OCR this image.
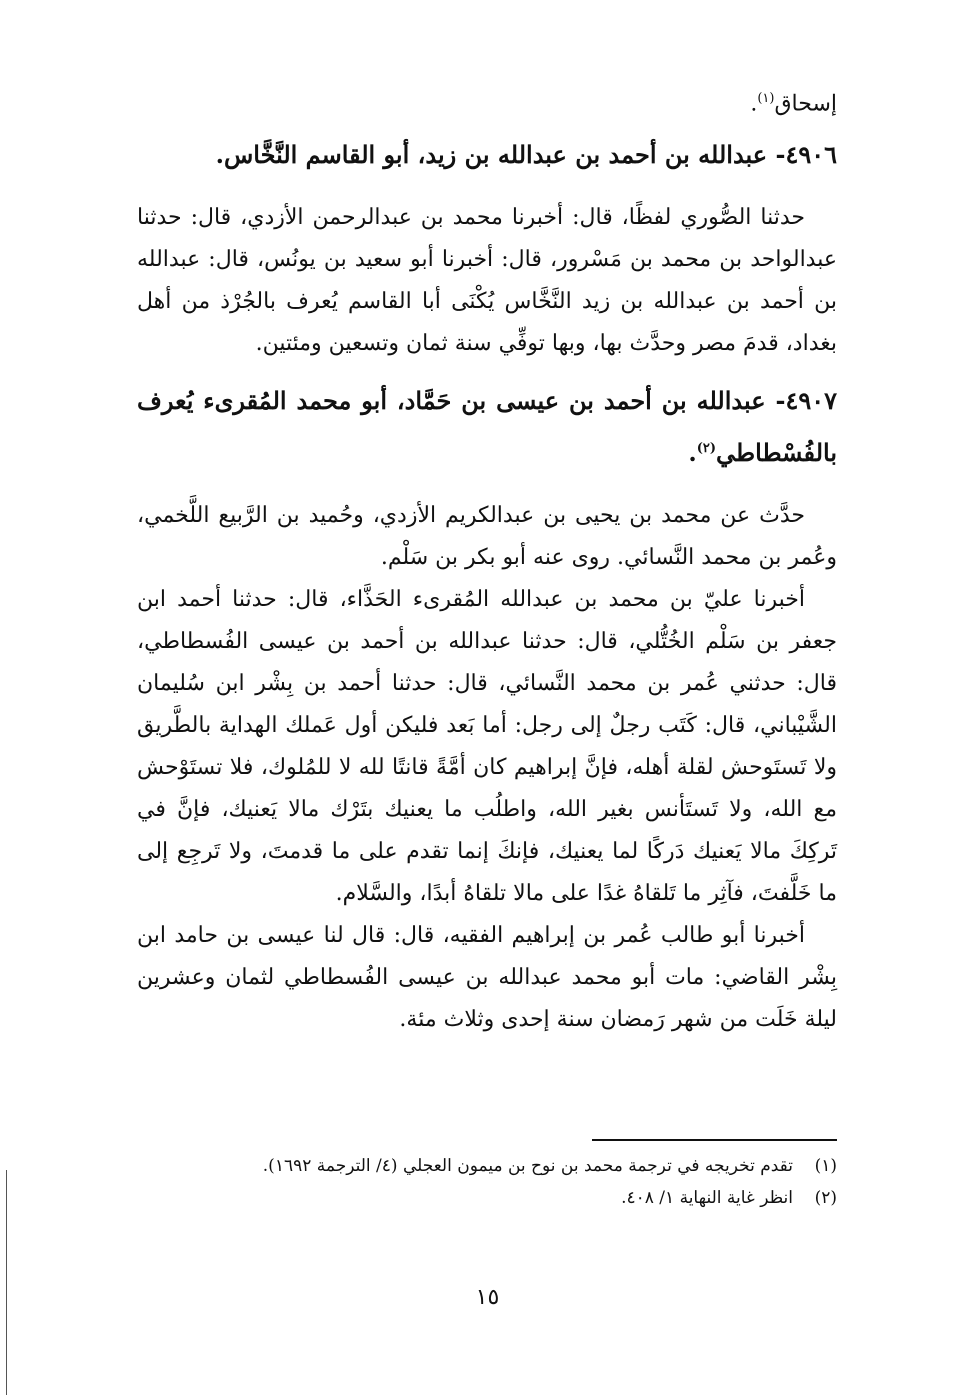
إسحاق$^{(١)}$.

٤٩٠٦- عبدالله بن أحمد بن عبدالله بن زيد، أبو القاسم النَّخَّاس.

حدثنا الصُّوري لفظًا، قال: أخبرنا محمد بن عبدالرحمن الأزدي، قال: حدثنا عبدالواحد بن محمد بن مَسْرور، قال: أخبرنا أبو سعيد بن يونُس، قال: عبدالله بن أحمد بن عبدالله بن زيد النَّخَّاس يُكْنَى أبا القاسم يُعرف بالجُرْذ من أهل بغداد، قدمَ مصر وحدَّث بها، وبها توفِّي سنة ثمان وتسعين ومئتين.

٤٩٠٧- عبدالله بن أحمد بن عيسى بن حَمَّاد، أبو محمد المُقرىء يُعرف بالفُسْطاطي$^{(٢)}$.

حدَّث عن محمد بن يحيى بن عبدالكريم الأزدي، وحُميد بن الرَّبيع اللَّخمي، وعُمر بن محمد النَّسائي. روى عنه أبو بكر بن سَلْم.

أخبرنا عليّ بن محمد بن عبدالله المُقرىء الحَذَّاء، قال: حدثنا أحمد ابن جعفر بن سَلْم الخُتُّلي، قال: حدثنا عبدالله بن أحمد بن عيسى الفُسطاطي، قال: حدثني عُمر بن محمد النَّسائي، قال: حدثنا أحمد بن بِشْر ابن سُليمان الشَّيْباني، قال: كَتَب رجلٌ إلى رجل: أما بَعد فليكن أول عَملك الهداية بالطَّريق ولا تَستَوحش لقلة أهله، فإنَّ إبراهيم كان أمَّةً قانتًا لله لا للمُلوك، فلا تستَوْحش مع الله، ولا تَستَأنس بغير الله، واطلُب ما يعنيك بتَرْك مالا يَعنيك، فإنَّ في تَركِكَ مالا يَعنيك دَركًا لما يعنيك، فإنكَ إنما تقدم على ما قدمتَ، ولا تَرجِع إلى ما خَلَّفتَ، فآثِر ما تَلقاهُ غدًا على مالا تلقاهُ أبدًا، والسَّلام.

أخبرنا أبو طالب عُمر بن إبراهيم الفقيه، قال: قال لنا عيسى بن حامد ابن بِشْر القاضي: مات أبو محمد عبدالله بن عيسى الفُسطاطي لثمان وعشرين ليلة خَلَت من شهر رَمضان سنة إحدى وثلاث مئة.

(١)
تقدم تخريجه في ترجمة محمد بن نوح بن ميمون العجلي (٤/ الترجمة ١٦٩٢).
(٢)
انظر غاية النهاية ١/ ٤٠٨.
١٥
